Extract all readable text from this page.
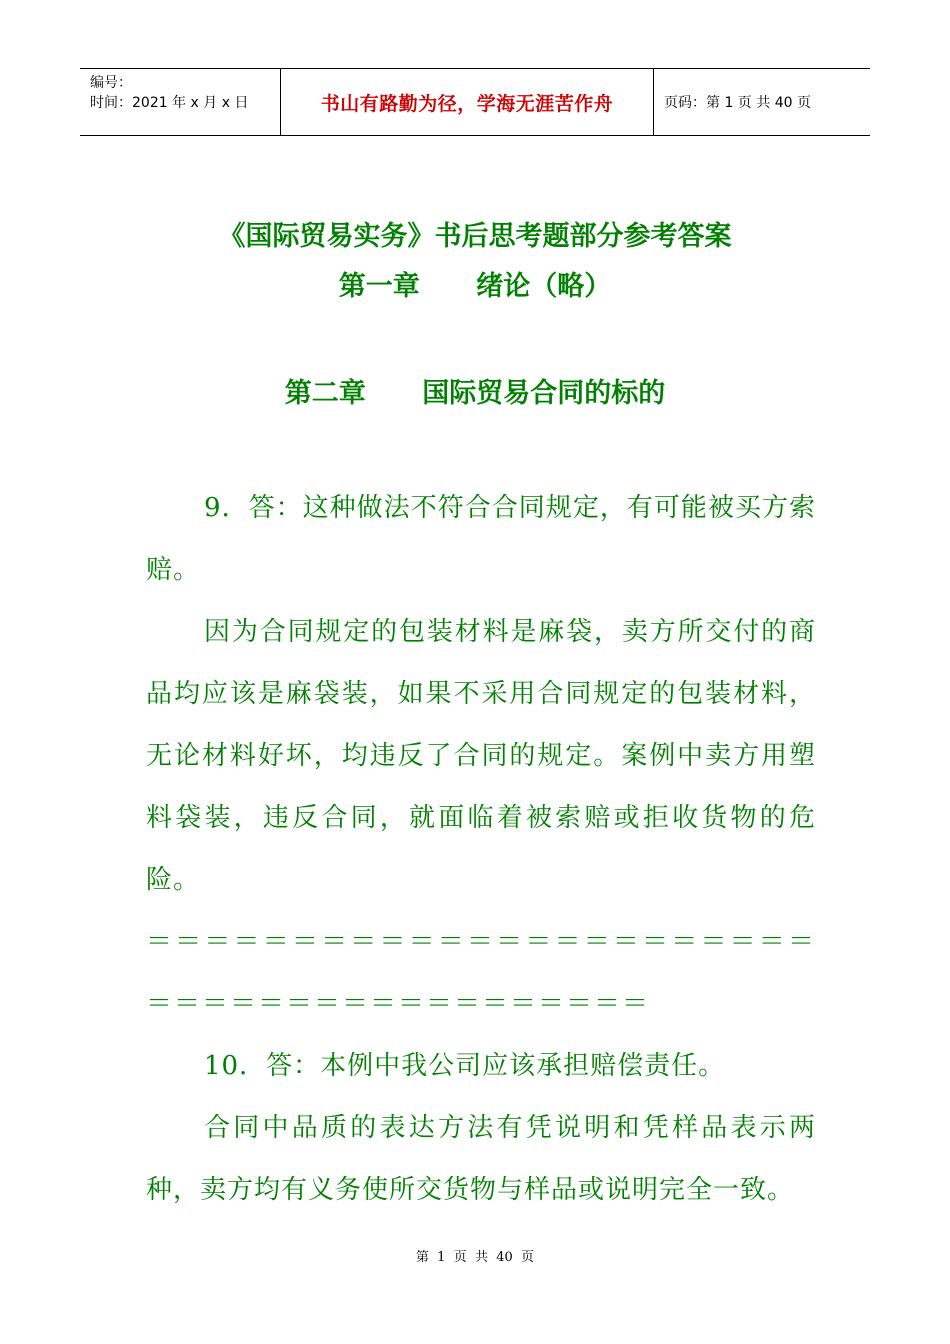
编号：
时间：2021 年 x 月 x 日	书山有路勤为径，学海无涯苦作舟	页码：第 1 页 共 40 页
《国际贸易实务》书后思考题部分参考答案
第一章      绪论（略）
第二章      国际贸易合同的标的

9．答：这种做法不符合合同规定，有可能被买方索赔。

因为合同规定的包装材料是麻袋，卖方所交付的商品均应该是麻袋装，如果不采用合同规定的包装材料，无论材料好坏，均违反了合同的规定。案例中卖方用塑料袋装，违反合同，就面临着被索赔或拒收货物的危险。

＝＝＝＝＝＝＝＝＝＝＝＝＝＝＝＝＝＝＝＝＝＝＝＝＝＝＝＝＝＝＝＝＝＝＝＝＝＝＝＝＝

10．答：本例中我公司应该承担赔偿责任。

合同中品质的表达方法有凭说明和凭样品表示两种，卖方均有义务使所交货物与样品或说明完全一致。

第  1  页  共  40  页
